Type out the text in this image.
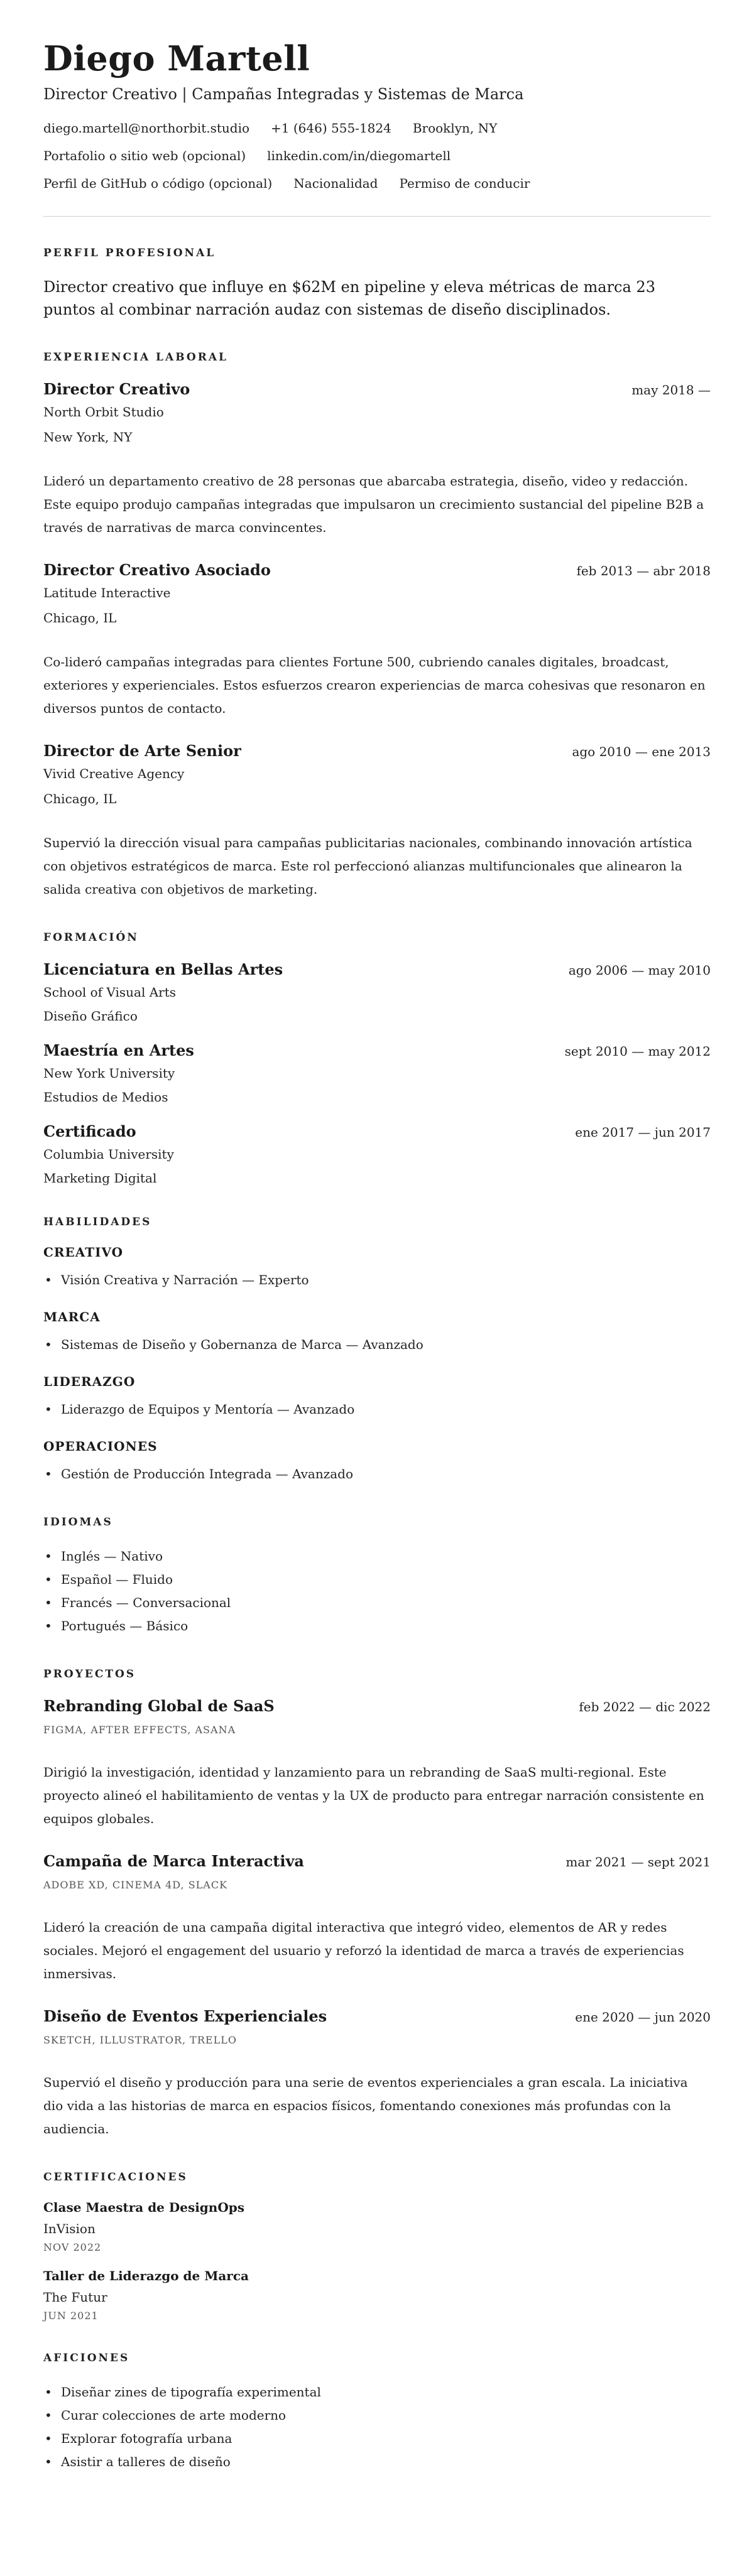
Diego Martell
Director Creativo | Campañas Integradas y Sistemas de Marca
diego.martell@northorbit.studio +1 (646) 555-1824 Brooklyn, NY
Portafolio o sitio web (opcional) linkedin.com/in/diegomartell
Perfil de GitHub o código (opcional) Nacionalidad Permiso de conducir
PERFIL PROFESIONAL

Director creativo que influye en $62M en pipeline y eleva métricas de marca 23 puntos al combinar narración audaz con sistemas de diseño disciplinados.

EXPERIENCIA LABORAL
Director Creativo	may 2018 —
North Orbit Studio
New York, NY

Lideró un departamento creativo de 28 personas que abarcaba estrategia, diseño, video y redacción. Este equipo produjo campañas integradas que impulsaron un crecimiento sustancial del pipeline B2B a través de narrativas de marca convincentes.

Director Creativo Asociado	feb 2013 — abr 2018
Latitude Interactive
Chicago, IL

Co-lideró campañas integradas para clientes Fortune 500, cubriendo canales digitales, broadcast, exteriores y experienciales. Estos esfuerzos crearon experiencias de marca cohesivas que resonaron en diversos puntos de contacto.

Director de Arte Senior	ago 2010 — ene 2013
Vivid Creative Agency
Chicago, IL

Supervió la dirección visual para campañas publicitarias nacionales, combinando innovación artística con objetivos estratégicos de marca. Este rol perfeccionó alianzas multifuncionales que alinearon la salida creativa con objetivos de marketing.

FORMACIÓN
Licenciatura en Bellas Artes	ago 2006 — may 2010
School of Visual Arts
Diseño Gráfico
Maestría en Artes	sept 2010 — may 2012
New York University
Estudios de Medios
Certificado	ene 2017 — jun 2017
Columbia University
Marketing Digital
HABILIDADES
CREATIVO
• Visión Creativa y Narración — Experto
MARCA
• Sistemas de Diseño y Gobernanza de Marca — Avanzado
LIDERAZGO
• Liderazgo de Equipos y Mentoría — Avanzado
OPERACIONES
• Gestión de Producción Integrada — Avanzado
IDIOMAS
• Inglés — Nativo
• Español — Fluido
• Francés — Conversacional
• Portugués — Básico
PROYECTOS
Rebranding Global de SaaS	feb 2022 — dic 2022
FIGMA, AFTER EFFECTS, ASANA

Dirigió la investigación, identidad y lanzamiento para un rebranding de SaaS multi-regional. Este proyecto alineó el habilitamiento de ventas y la UX de producto para entregar narración consistente en equipos globales.

Campaña de Marca Interactiva	mar 2021 — sept 2021
ADOBE XD, CINEMA 4D, SLACK

Lideró la creación de una campaña digital interactiva que integró video, elementos de AR y redes sociales. Mejoró el engagement del usuario y reforzó la identidad de marca a través de experiencias inmersivas.

Diseño de Eventos Experienciales	ene 2020 — jun 2020
SKETCH, ILLUSTRATOR, TRELLO

Supervió el diseño y producción para una serie de eventos experienciales a gran escala. La iniciativa dio vida a las historias de marca en espacios físicos, fomentando conexiones más profundas con la audiencia.

CERTIFICACIONES
Clase Maestra de DesignOps
InVision
NOV 2022
Taller de Liderazgo de Marca
The Futur
JUN 2021
AFICIONES
• Diseñar zines de tipografía experimental
• Curar colecciones de arte moderno
• Explorar fotografía urbana
• Asistir a talleres de diseño
